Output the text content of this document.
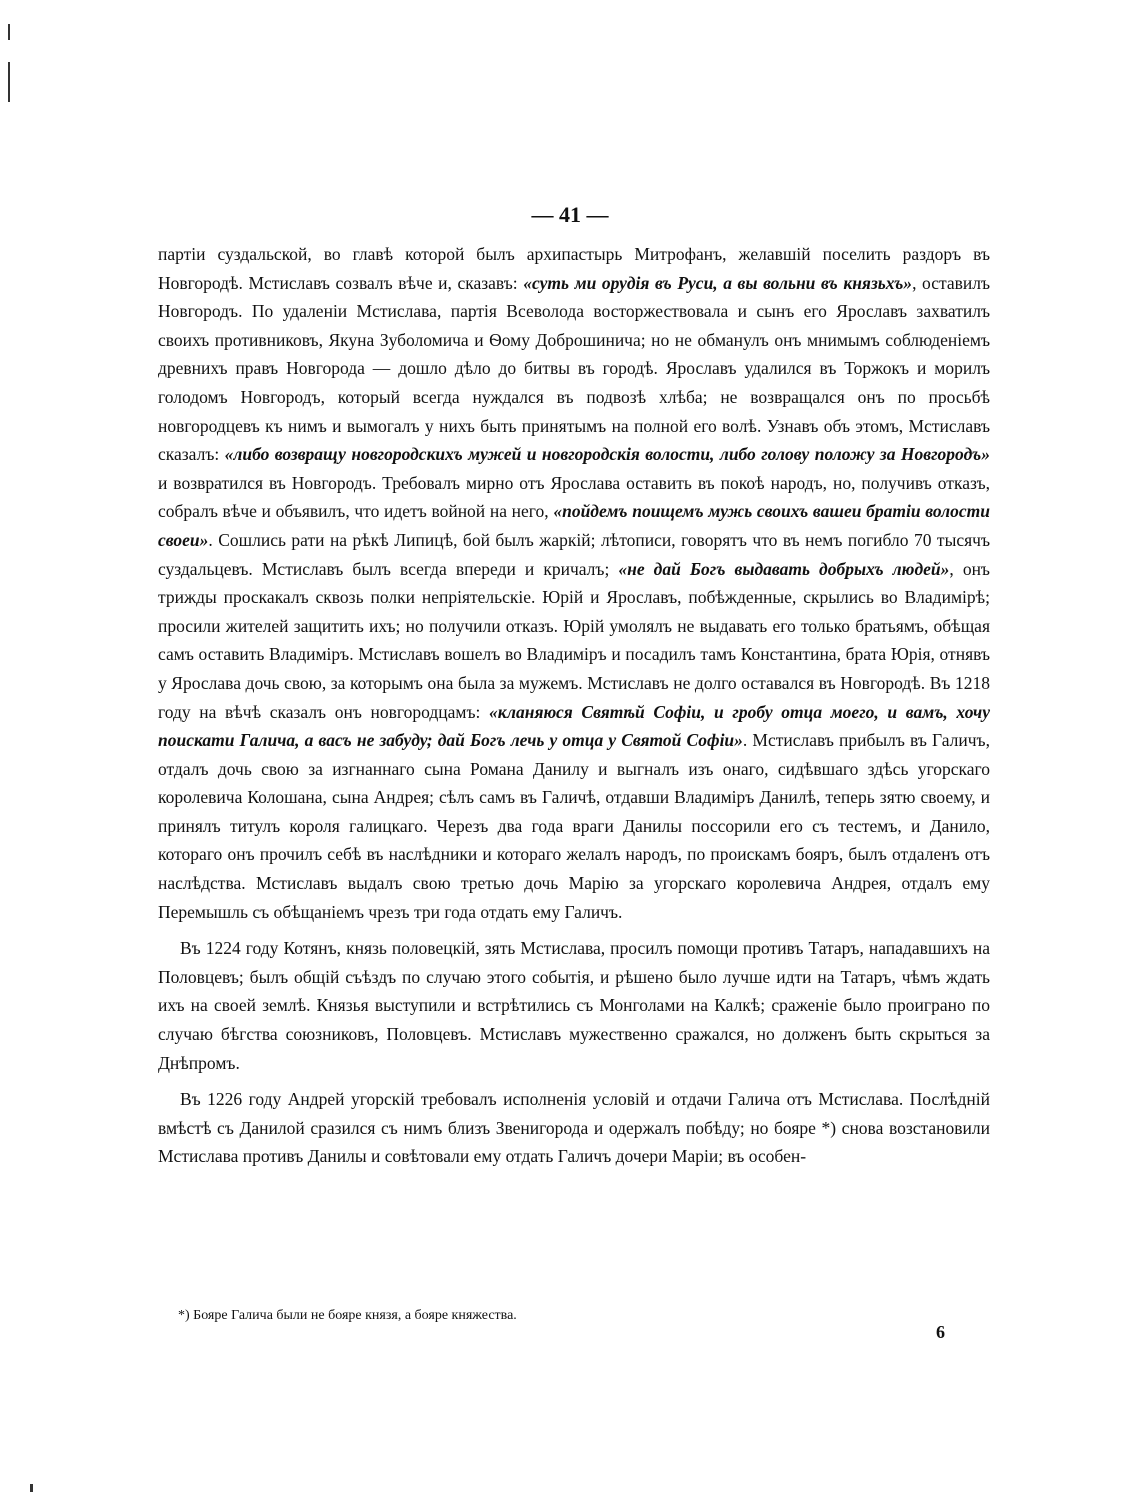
— 41 —

партіи суздальской, во главѣ которой былъ архипастырь Митрофанъ, желавшій поселить раздоръ въ Новгородѣ. Мстиславъ созвалъ вѣче и, сказавъ: «суть ми орудія въ Руси, а вы вольни въ князьхъ», оставилъ Новгородъ. По удаленіи Мстислава, партія Всеволода восторжествовала и сынъ его Ярославъ захватилъ своихъ противниковъ, Якуна Зуболомича и Ѳому Доброшинича; но не обманулъ онъ мнимымъ соблюденіемъ древнихъ правъ Новгорода — дошло дѣло до битвы въ городѣ. Ярославъ удалился въ Торжокъ и морилъ голодомъ Новгородъ, который всегда нуждался въ подвозѣ хлѣба; не возвращался онъ по просьбѣ новгородцевъ къ нимъ и вымогалъ у нихъ быть принятымъ на полной его волѣ. Узнавъ объ этомъ, Мстиславъ сказалъ: «либо возвращу новгородскихъ мужей и новгородскія волости, либо голову положу за Новгородъ» и возвратился въ Новгородъ. Требовалъ мирно отъ Ярослава оставить въ покоѣ народъ, но, получивъ отказъ, собралъ вѣче и объявилъ, что идетъ войной на него, «пойдемъ поищемъ мужь своихъ вашеи братіи волости своеи». Сошлись рати на рѣкѣ Липицѣ, бой былъ жаркій; лѣтописи, говорятъ что въ немъ погибло 70 тысячъ суздальцевъ. Мстиславъ былъ всегда впереди и кричалъ; «не дай Богъ выдавать добрыхъ людей», онъ трижды проскакалъ сквозь полки непріятельскіе. Юрій и Ярославъ, побѣжденные, скрылись во Владимірѣ; просили жителей защитить ихъ; но получили отказъ. Юрій умолялъ не выдавать его только братьямъ, обѣщая самъ оставить Владиміръ. Мстиславъ вошелъ во Владиміръ и посадилъ тамъ Константина, брата Юрія, отнявъ у Ярослава дочь свою, за которымъ она была за мужемъ. Мстиславъ не долго оставался въ Новгородѣ. Въ 1218 году на вѣчѣ сказалъ онъ новгородцамъ: «кланяюся Святѣй Софіи, и гробу отца моего, и вамъ, хочу поискати Галича, а васъ не забуду; дай Богъ лечь у отца у Святой Софіи». Мстиславъ прибылъ въ Галичъ, отдалъ дочь свою за изгнаннаго сына Романа Данилу и выгналъ изъ онаго, сидѣвшаго здѣсь угорскаго королевича Колошана, сына Андрея; сѣлъ самъ въ Галичѣ, отдавши Владиміръ Данилѣ, теперь зятю своему, и принялъ титулъ короля галицкаго. Черезъ два года враги Данилы поссорили его съ тестемъ, и Данило, котораго онъ прочилъ себѣ въ наслѣдники и котораго желалъ народъ, по проискамъ бояръ, былъ отдаленъ отъ наслѣдства. Мстиславъ выдалъ свою третью дочь Марію за угорскаго королевича Андрея, отдалъ ему Перемышль съ обѣщаніемъ чрезъ три года отдать ему Галичъ.

Въ 1224 году Котянъ, князь половецкій, зять Мстислава, просилъ помощи противъ Татаръ, нападавшихъ на Половцевъ; былъ общій съѣздъ по случаю этого событія, и рѣшено было лучше идти на Татаръ, чѣмъ ждать ихъ на своей землѣ. Князья выступили и встрѣтились съ Монголами на Калкѣ; сраженіе было проиграно по случаю бѣгства союзниковъ, Половцевъ. Мстиславъ мужественно сражался, но долженъ быть скрыться за Днѣпромъ.

Въ 1226 году Андрей угорскій требовалъ исполненія условій и отдачи Галича отъ Мстислава. Послѣдній вмѣстѣ съ Данилой сразился съ нимъ близъ Звенигорода и одержалъ побѣду; но бояре *) снова возстановили Мстислава противъ Данилы и совѣтовали ему отдать Галичъ дочери Маріи; въ особен-

*) Бояре Галича были не бояре князя, а бояре княжества.
6
